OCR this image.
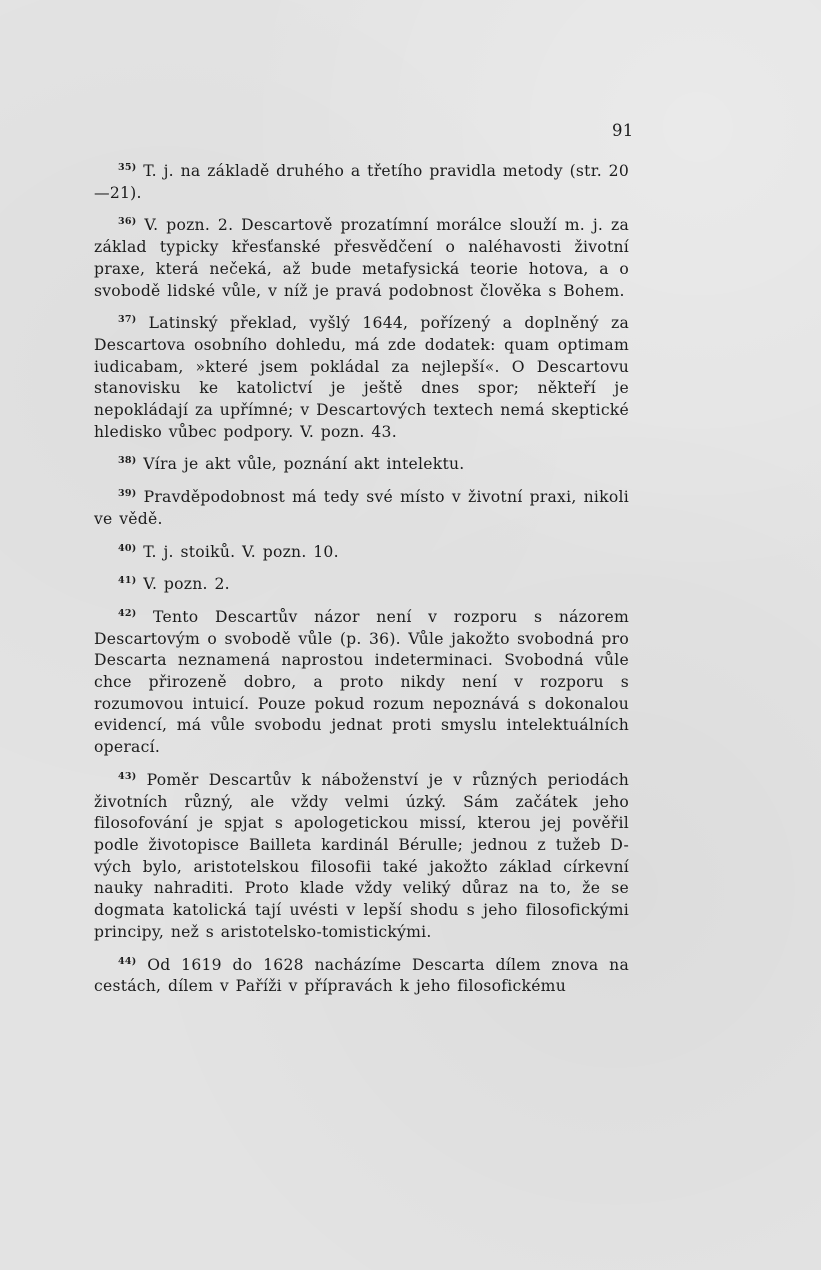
91

$^{35)}$ T. j. na základě druhého a třetího pravidla metody (str. 20—21).

$^{36)}$ V. pozn. 2. Descartově prozatímní morálce slouží m. j. za základ typicky křesťanské přesvědčení o naléhavosti životní praxe, která nečeká, až bude metafysická teorie hotova, a o svobodě lidské vůle, v níž je pravá podobnost člověka s Bohem.

$^{37)}$ Latinský překlad, vyšlý 1644, pořízený a doplněný za Descartova osobního dohledu, má zde dodatek: quam optimam iudicabam, »které jsem pokládal za nejlepší«. O Descartovu stanovisku ke katolictví je ještě dnes spor; někteří je nepokládají za upřímné; v Descartových textech nemá skeptické hledisko vůbec podpory. V. pozn. 43.

$^{38)}$ Víra je akt vůle, poznání akt intelektu.

$^{39)}$ Pravděpodobnost má tedy své místo v životní praxi, nikoli ve vědě.

$^{40)}$ T. j. stoiků. V. pozn. 10.

$^{41)}$ V. pozn. 2.

$^{42)}$ Tento Descartův názor není v rozporu s názorem Descartovým o svobodě vůle (p. 36). Vůle jakožto svobodná pro Descarta neznamená naprostou indeterminaci. Svobodná vůle chce přirozeně dobro, a proto nikdy není v rozporu s rozumovou intuicí. Pouze pokud rozum nepoznává s dokonalou evidencí, má vůle svobodu jednat proti smyslu intelektuálních operací.

$^{43)}$ Poměr Descartův k náboženství je v různých periodách životních různý, ale vždy velmi úzký. Sám začátek jeho filosofování je spjat s apologetickou missí, kterou jej pověřil podle životopisce Bailleta kardinál Bérulle; jednou z tužeb D-vých bylo, aristotelskou filosofii také jakožto základ církevní nauky nahraditi. Proto klade vždy veliký důraz na to, že se dogmata katolická tají uvésti v lepší shodu s jeho filosofickými principy, než s aristotelsko-tomistickými.

$^{44)}$ Od 1619 do 1628 nacházíme Descarta dílem znova na cestách, dílem v Paříži v přípravách k jeho filosofickému
